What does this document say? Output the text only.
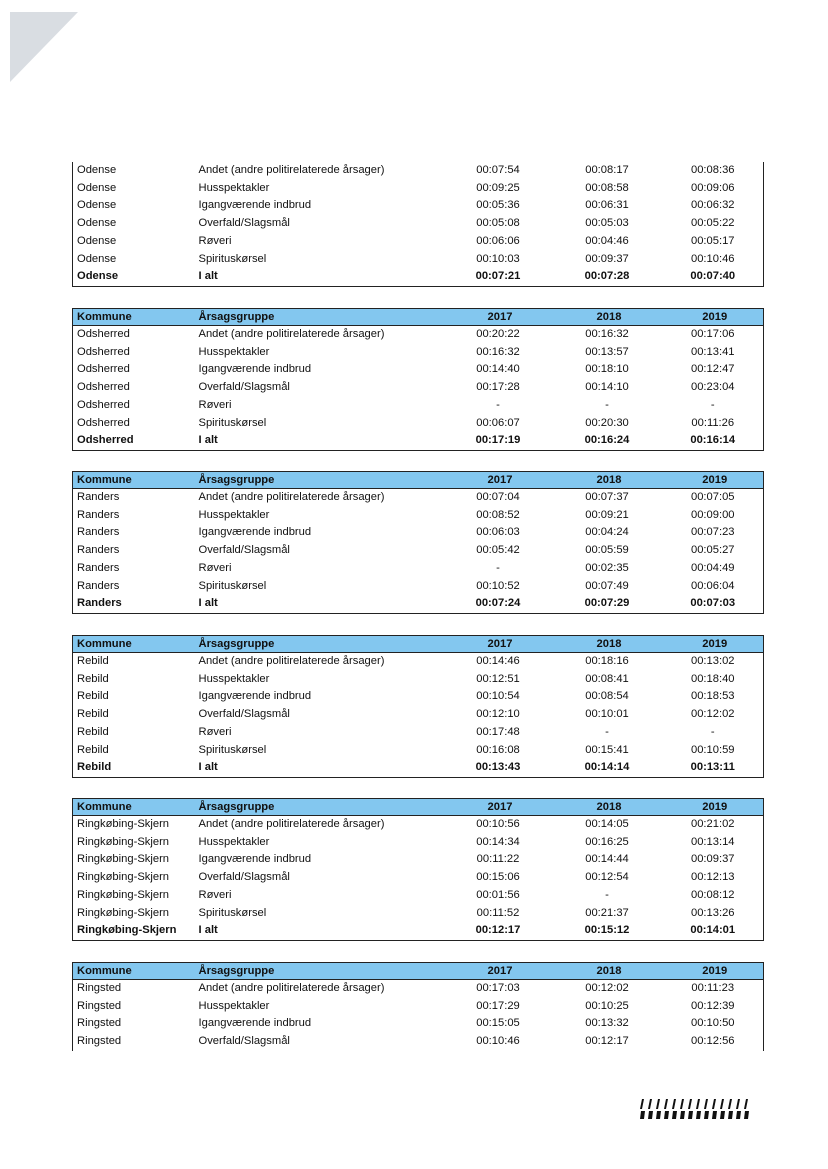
Odense	Andet (andre politirelaterede årsager)	00:07:54	00:08:17	00:08:36
Odense	Husspektakler	00:09:25	00:08:58	00:09:06
Odense	Igangværende indbrud	00:05:36	00:06:31	00:06:32
Odense	Overfald/Slagsmål	00:05:08	00:05:03	00:05:22
Odense	Røveri	00:06:06	00:04:46	00:05:17
Odense	Spirituskørsel	00:10:03	00:09:37	00:10:46
Odense	I alt	00:07:21	00:07:28	00:07:40
Kommune	Årsagsgruppe	2017	2018	2019
Odsherred	Andet (andre politirelaterede årsager)	00:20:22	00:16:32	00:17:06
Odsherred	Husspektakler	00:16:32	00:13:57	00:13:41
Odsherred	Igangværende indbrud	00:14:40	00:18:10	00:12:47
Odsherred	Overfald/Slagsmål	00:17:28	00:14:10	00:23:04
Odsherred	Røveri	-	-	-
Odsherred	Spirituskørsel	00:06:07	00:20:30	00:11:26
Odsherred	I alt	00:17:19	00:16:24	00:16:14
Kommune	Årsagsgruppe	2017	2018	2019
Randers	Andet (andre politirelaterede årsager)	00:07:04	00:07:37	00:07:05
Randers	Husspektakler	00:08:52	00:09:21	00:09:00
Randers	Igangværende indbrud	00:06:03	00:04:24	00:07:23
Randers	Overfald/Slagsmål	00:05:42	00:05:59	00:05:27
Randers	Røveri	-	00:02:35	00:04:49
Randers	Spirituskørsel	00:10:52	00:07:49	00:06:04
Randers	I alt	00:07:24	00:07:29	00:07:03
Kommune	Årsagsgruppe	2017	2018	2019
Rebild	Andet (andre politirelaterede årsager)	00:14:46	00:18:16	00:13:02
Rebild	Husspektakler	00:12:51	00:08:41	00:18:40
Rebild	Igangværende indbrud	00:10:54	00:08:54	00:18:53
Rebild	Overfald/Slagsmål	00:12:10	00:10:01	00:12:02
Rebild	Røveri	00:17:48	-	-
Rebild	Spirituskørsel	00:16:08	00:15:41	00:10:59
Rebild	I alt	00:13:43	00:14:14	00:13:11
Kommune	Årsagsgruppe	2017	2018	2019
Ringkøbing-Skjern	Andet (andre politirelaterede årsager)	00:10:56	00:14:05	00:21:02
Ringkøbing-Skjern	Husspektakler	00:14:34	00:16:25	00:13:14
Ringkøbing-Skjern	Igangværende indbrud	00:11:22	00:14:44	00:09:37
Ringkøbing-Skjern	Overfald/Slagsmål	00:15:06	00:12:54	00:12:13
Ringkøbing-Skjern	Røveri	00:01:56	-	00:08:12
Ringkøbing-Skjern	Spirituskørsel	00:11:52	00:21:37	00:13:26
Ringkøbing-Skjern	I alt	00:12:17	00:15:12	00:14:01
Kommune	Årsagsgruppe	2017	2018	2019
Ringsted	Andet (andre politirelaterede årsager)	00:17:03	00:12:02	00:11:23
Ringsted	Husspektakler	00:17:29	00:10:25	00:12:39
Ringsted	Igangværende indbrud	00:15:05	00:13:32	00:10:50
Ringsted	Overfald/Slagsmål	00:10:46	00:12:17	00:12:56
